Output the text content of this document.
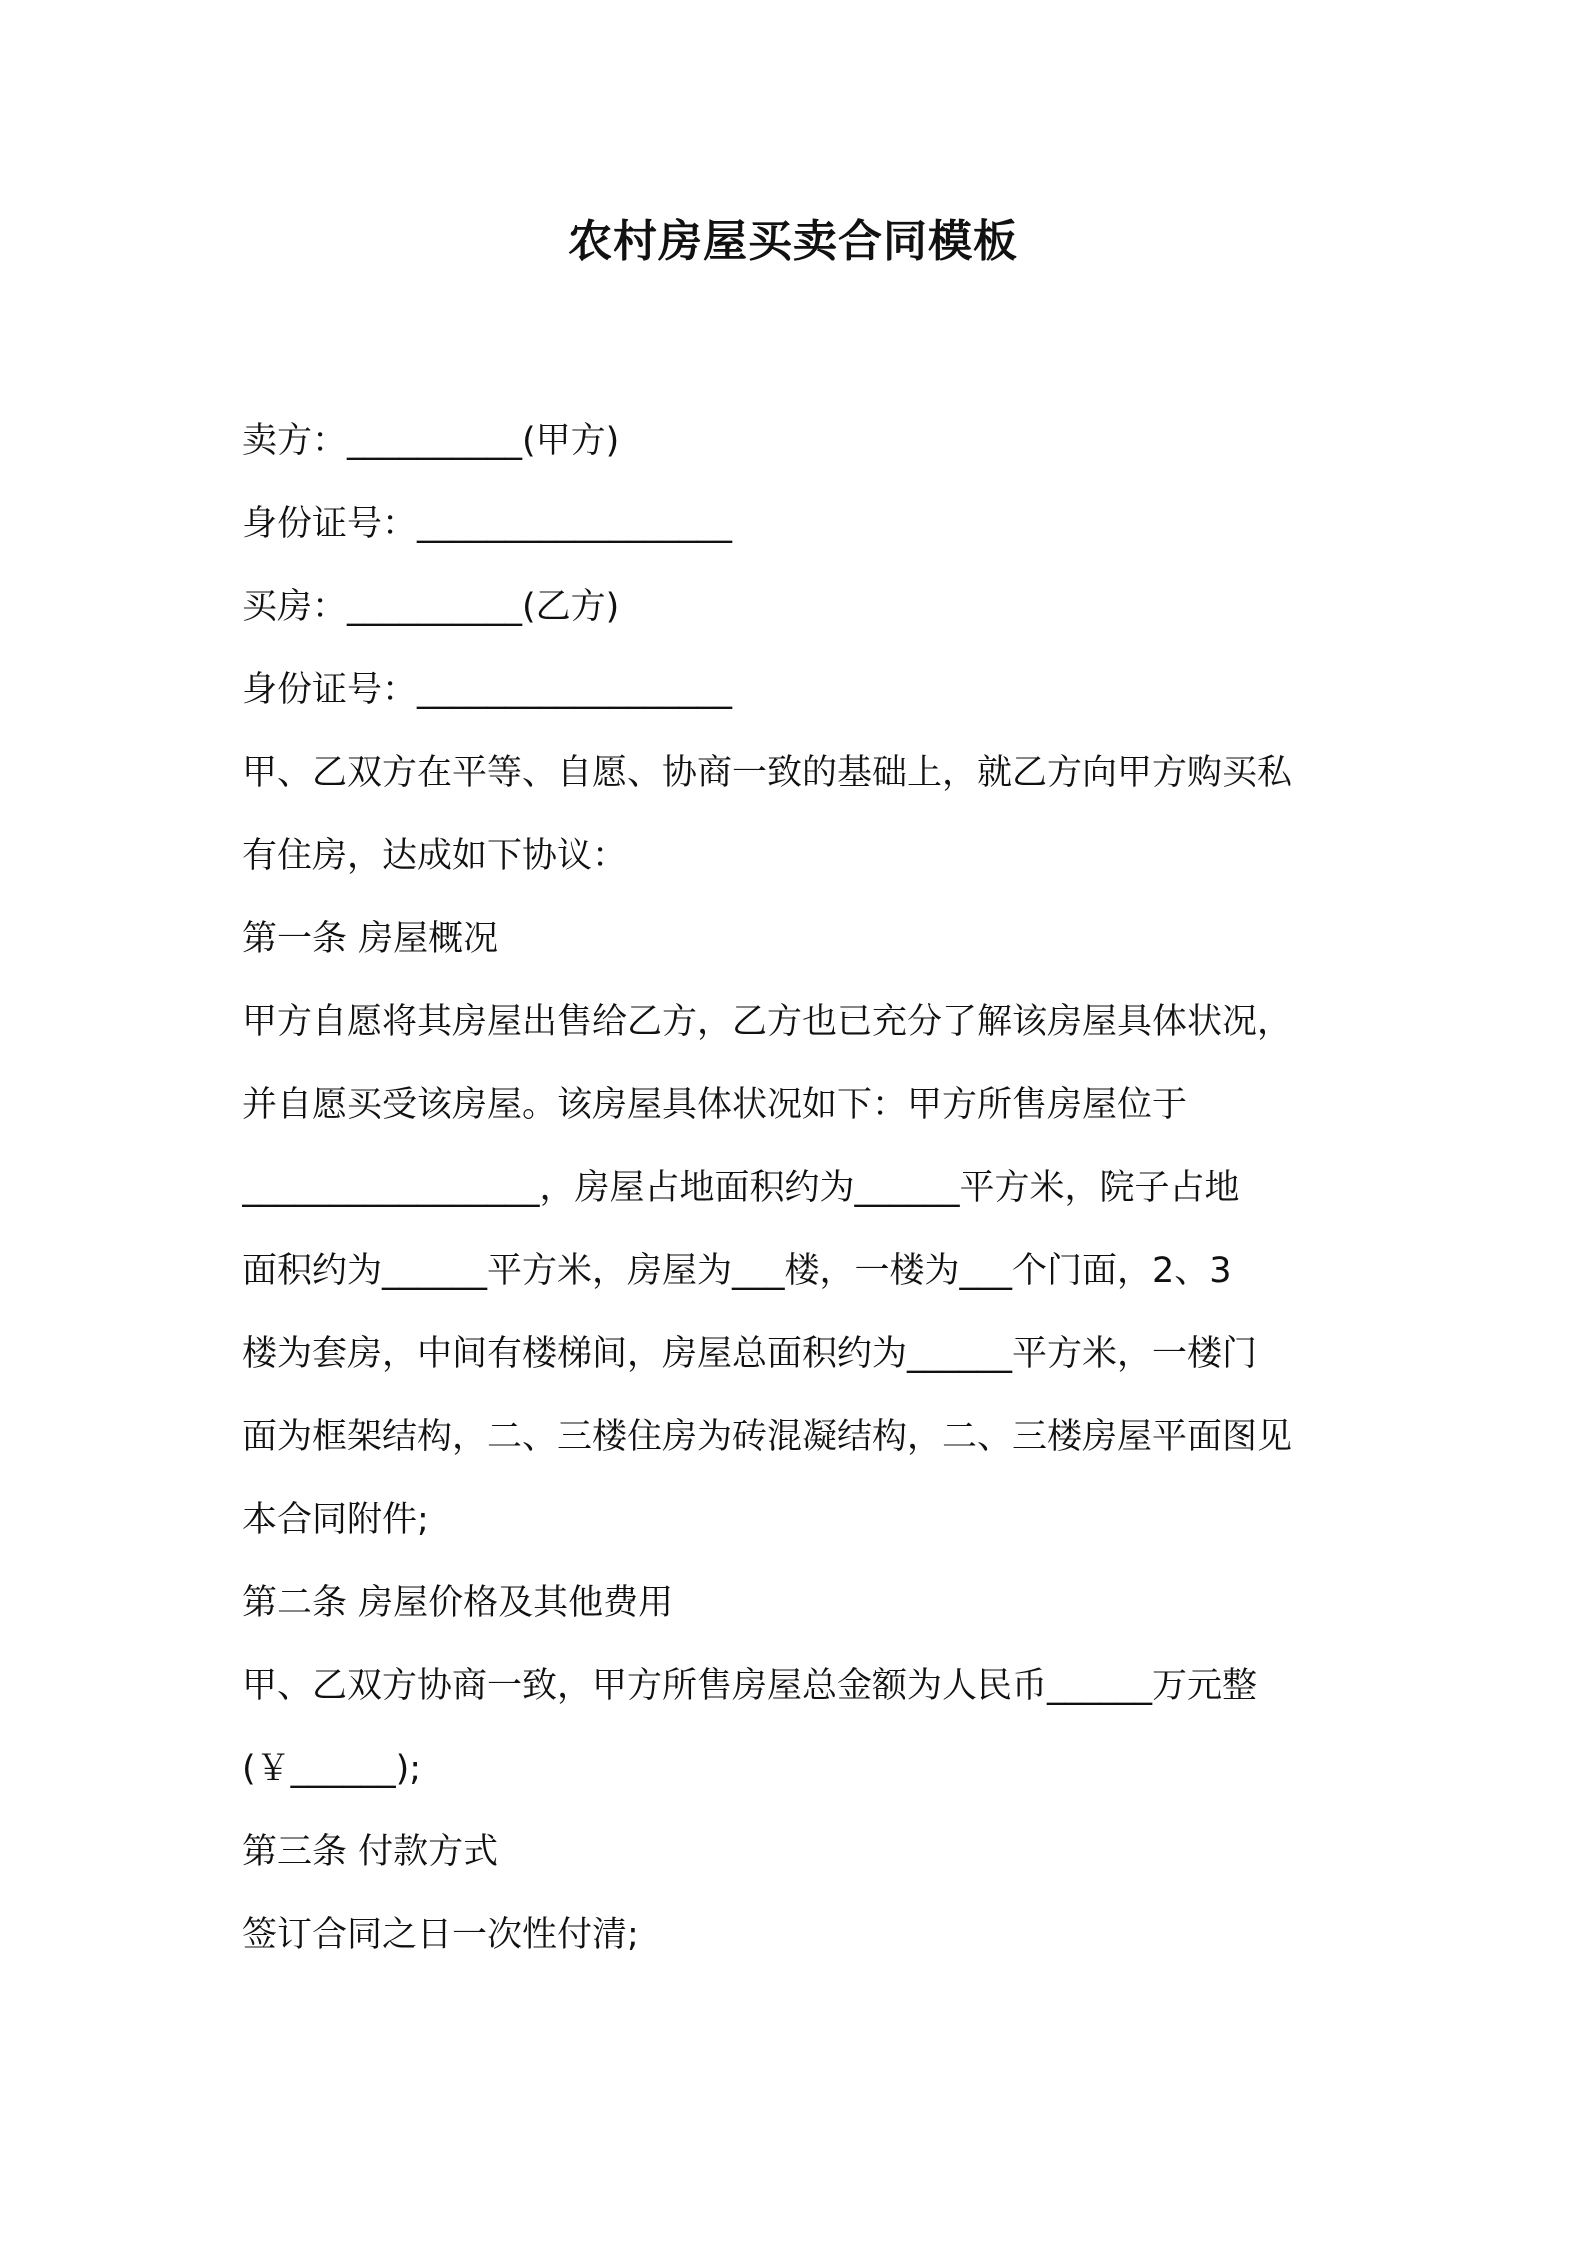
农村房屋买卖合同模板
卖方：__________(甲方)
身份证号：__________________
买房：__________(乙方)
身份证号：__________________
甲、乙双方在平等、自愿、协商一致的基础上，就乙方向甲方购买私
有住房，达成如下协议：
第一条 房屋概况
甲方自愿将其房屋出售给乙方，乙方也已充分了解该房屋具体状况，
并自愿买受该房屋。该房屋具体状况如下：甲方所售房屋位于
_________________，房屋占地面积约为______平方米，院子占地
面积约为______平方米，房屋为___楼，一楼为___个门面，2、3
楼为套房，中间有楼梯间，房屋总面积约为______平方米，一楼门
面为框架结构，二、三楼住房为砖混凝结构，二、三楼房屋平面图见
本合同附件;
第二条 房屋价格及其他费用
甲、乙双方协商一致，甲方所售房屋总金额为人民币______万元整
(￥______);
第三条 付款方式
签订合同之日一次性付清;
